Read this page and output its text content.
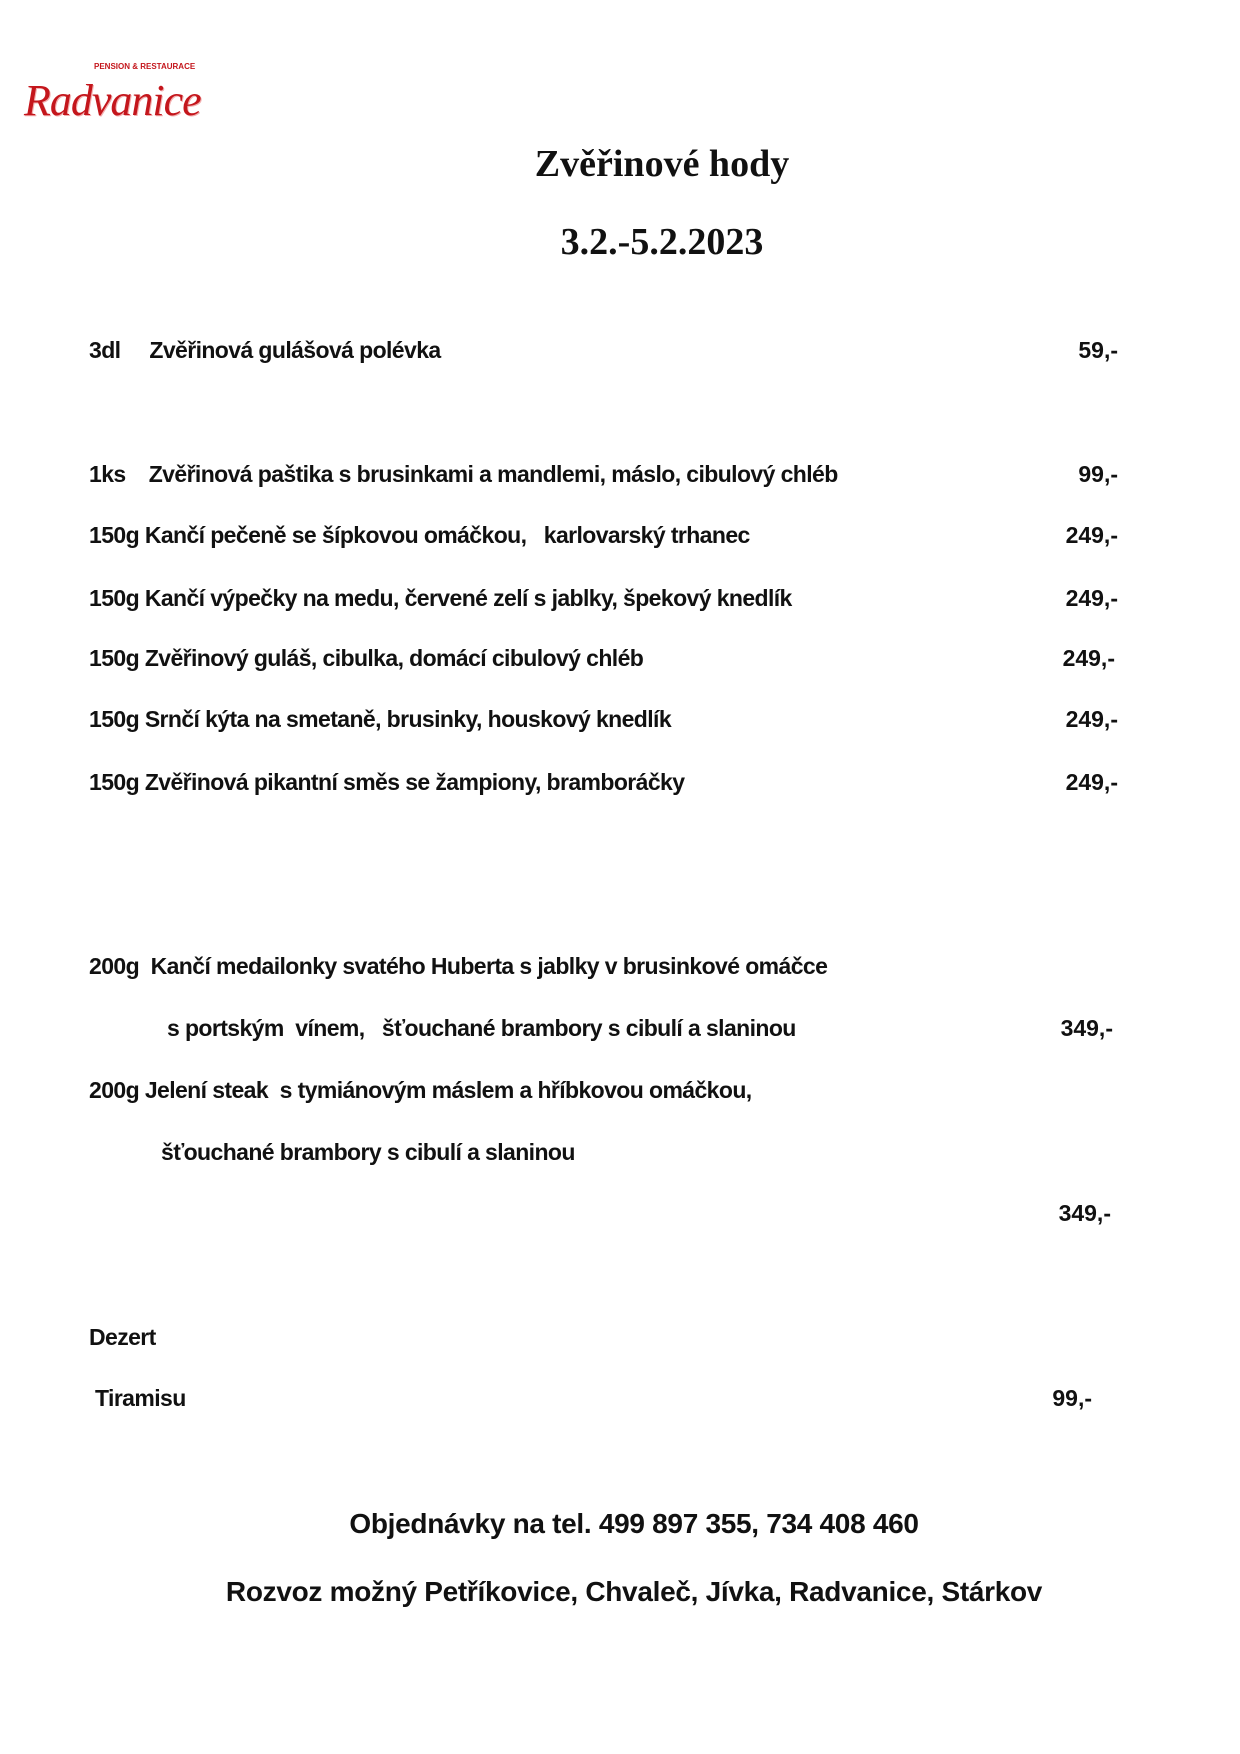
PENSION & RESTAURACE
Radvanice
Zvěřinové hody
3.2.-5.2.2023
3dl     Zvěřinová gulášová polévka	59,-
1ks    Zvěřinová paštika s brusinkami a mandlemi, máslo, cibulový chléb	99,-
150g Kančí pečeně se šípkovou omáčkou,   karlovarský trhanec	249,-
150g Kančí výpečky na medu, červené zelí s jablky, špekový knedlík	249,-
150g Zvěřinový guláš, cibulka, domácí cibulový chléb	249,-
150g Srnčí kýta na smetaně, brusinky, houskový knedlík	249,-
150g Zvěřinová pikantní směs se žampiony, bramboráčky	249,-
200g  Kančí medailonky svatého Huberta s jablky v brusinkové omáčce
s portským  vínem,   šťouchané brambory s cibulí a slaninou	349,-
200g Jelení steak  s tymiánovým máslem a hříbkovou omáčkou,
šťouchané brambory s cibulí a slaninou
349,-
Dezert
Tiramisu	99,-
Objednávky na tel. 499 897 355, 734 408 460
Rozvoz možný Petříkovice, Chvaleč, Jívka, Radvanice, Stárkov
